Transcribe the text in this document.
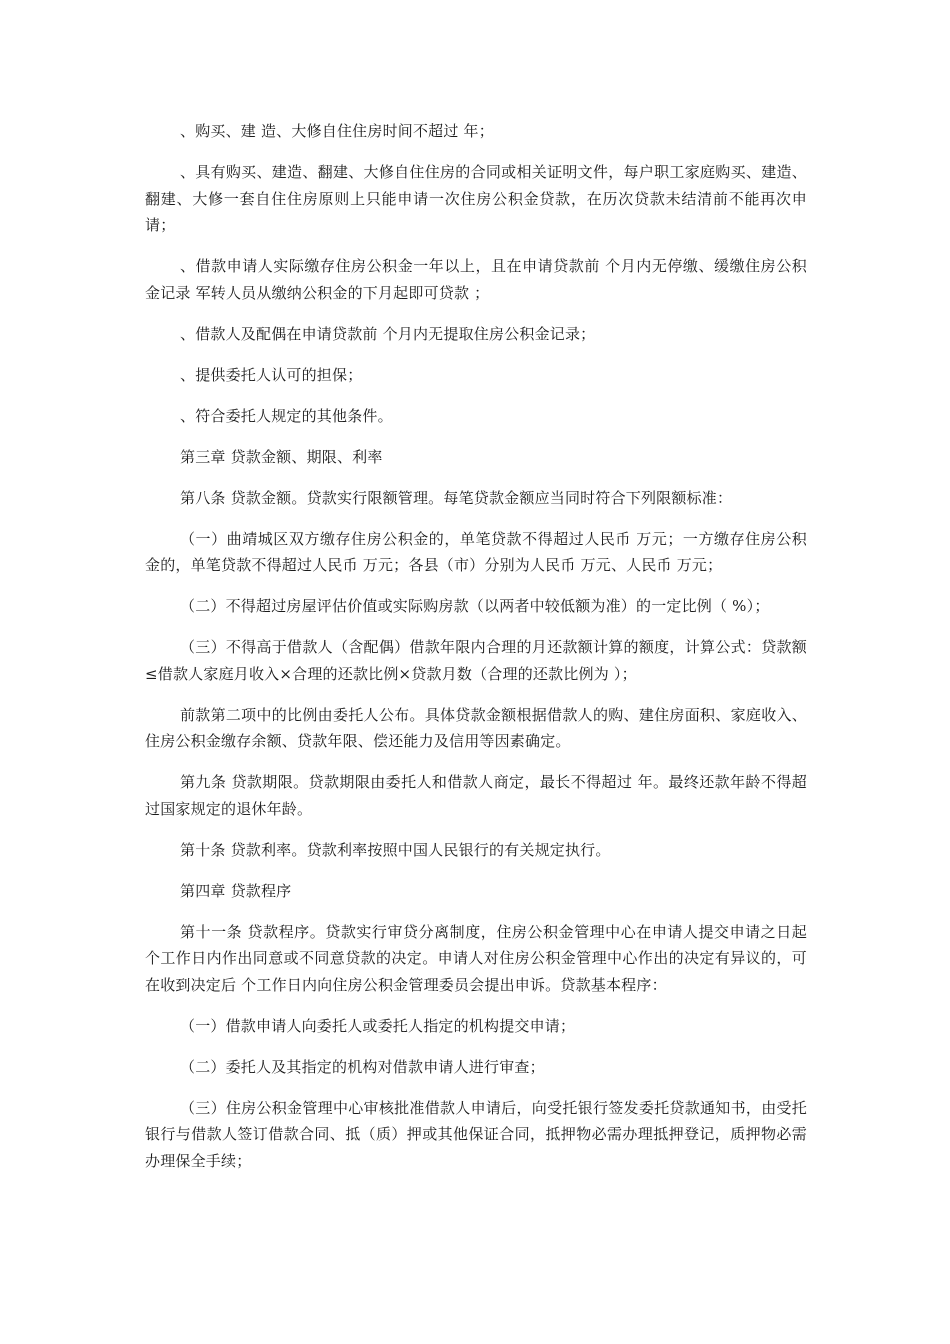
、购买、建 造、大修自住住房时间不超过 年；

、具有购买、建造、翻建、大修自住住房的合同或相关证明文件，每户职工家庭购买、建造、翻建、大修一套自住住房原则上只能申请一次住房公积金贷款，在历次贷款未结清前不能再次申请；

、借款申请人实际缴存住房公积金一年以上，且在申请贷款前 个月内无停缴、缓缴住房公积金记录 军转人员从缴纳公积金的下月起即可贷款 ；

、借款人及配偶在申请贷款前 个月内无提取住房公积金记录；

、提供委托人认可的担保；

、符合委托人规定的其他条件。

第三章 贷款金额、期限、利率

第八条 贷款金额。贷款实行限额管理。每笔贷款金额应当同时符合下列限额标准：

（一）曲靖城区双方缴存住房公积金的，单笔贷款不得超过人民币 万元；一方缴存住房公积金的，单笔贷款不得超过人民币 万元；各县（市）分别为人民币 万元、人民币 万元；

（二）不得超过房屋评估价值或实际购房款（以两者中较低额为准）的一定比例（ %）；

（三）不得高于借款人（含配偶）借款年限内合理的月还款额计算的额度，计算公式：贷款额≤借款人家庭月收入×合理的还款比例×贷款月数（合理的还款比例为 ）；

前款第二项中的比例由委托人公布。具体贷款金额根据借款人的购、建住房面积、家庭收入、住房公积金缴存余额、贷款年限、偿还能力及信用等因素确定。

第九条 贷款期限。贷款期限由委托人和借款人商定，最长不得超过 年。最终还款年龄不得超过国家规定的退休年龄。

第十条 贷款利率。贷款利率按照中国人民银行的有关规定执行。

第四章 贷款程序

第十一条 贷款程序。贷款实行审贷分离制度，住房公积金管理中心在申请人提交申请之日起 个工作日内作出同意或不同意贷款的决定。申请人对住房公积金管理中心作出的决定有异议的，可在收到决定后 个工作日内向住房公积金管理委员会提出申诉。贷款基本程序：

（一）借款申请人向委托人或委托人指定的机构提交申请；

（二）委托人及其指定的机构对借款申请人进行审查；

（三）住房公积金管理中心审核批准借款人申请后，向受托银行签发委托贷款通知书，由受托银行与借款人签订借款合同、抵（质）押或其他保证合同，抵押物必需办理抵押登记，质押物必需办理保全手续；
